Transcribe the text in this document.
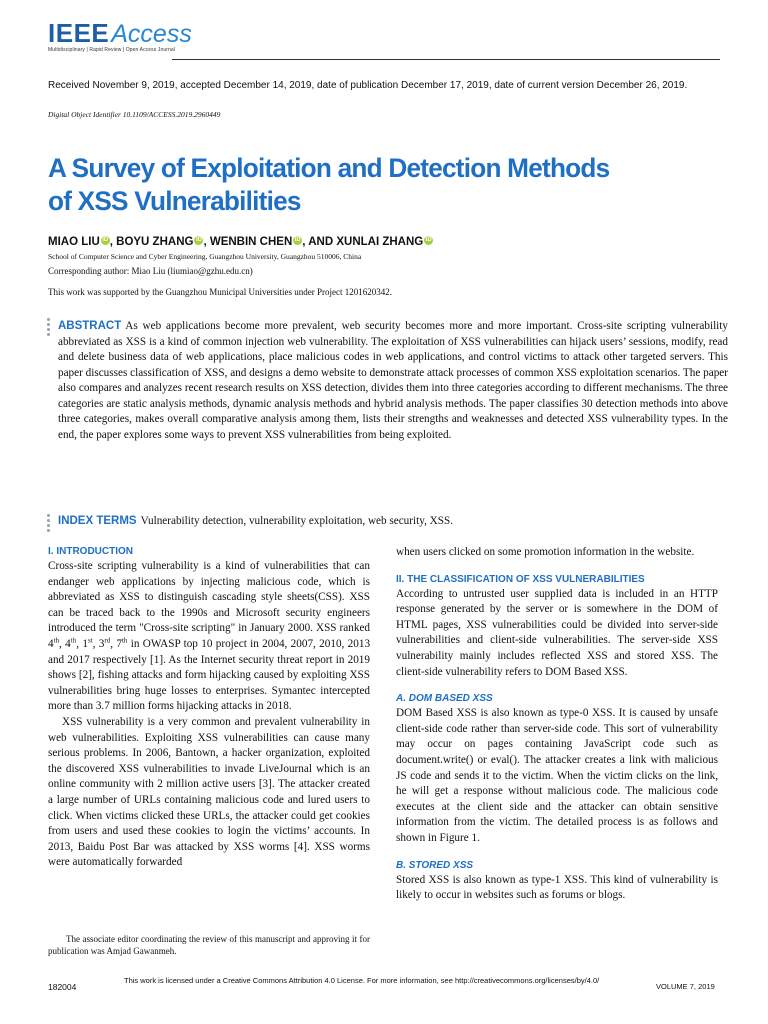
IEEEAccess
Multidisciplinary | Rapid Review | Open Access Journal
Received November 9, 2019, accepted December 14, 2019, date of publication December 17, 2019, date of current version December 26, 2019.
Digital Object Identifier 10.1109/ACCESS.2019.2960449
A Survey of Exploitation and Detection Methods
of XSS Vulnerabilities
MIAO LIU iD , BOYU ZHANG iD , WENBIN CHEN iD , AND XUNLAI ZHANG iD
School of Computer Science and Cyber Engineering, Guangzhou University, Guangzhou 510006, China
Corresponding author: Miao Liu (liumiao@gzhu.edu.cn)
This work was supported by the Guangzhou Municipal Universities under Project 1201620342.
ABSTRACT As web applications become more prevalent, web security becomes more and more important. Cross-site scripting vulnerability abbreviated as XSS is a kind of common injection web vulnerability. The exploitation of XSS vulnerabilities can hijack users’ sessions, modify, read and delete business data of web applications, place malicious codes in web applications, and control victims to attack other targeted servers. This paper discusses classification of XSS, and designs a demo website to demonstrate attack processes of common XSS exploitation scenarios. The paper also compares and analyzes recent research results on XSS detection, divides them into three categories according to different mechanisms. The three categories are static analysis methods, dynamic analysis methods and hybrid analysis methods. The paper classifies 30 detection methods into above three categories, makes overall comparative analysis among them, lists their strengths and weaknesses and detected XSS vulnerability types. In the end, the paper explores some ways to prevent XSS vulnerabilities from being exploited.
INDEX TERMS Vulnerability detection, vulnerability exploitation, web security, XSS.
I. INTRODUCTION

Cross-site scripting vulnerability is a kind of vulnerabilities that can endanger web applications by injecting malicious code, which is abbreviated as XSS to distinguish cascading style sheets(CSS). XSS can be traced back to the 1990s and Microsoft security engineers introduced the term "Cross-site scripting" in January 2000. XSS ranked 4th, 4th, 1st, 3rd, 7th in OWASP top 10 project in 2004, 2007, 2010, 2013 and 2017 respectively [1]. As the Internet security threat report in 2019 shows [2], fishing attacks and form hijacking caused by exploiting XSS vulnerabilities bring huge losses to enterprises. Symantec intercepted more than 3.7 million forms hijacking attacks in 2018.

XSS vulnerability is a very common and prevalent vulnerability in web vulnerabilities. Exploiting XSS vulnerabilities can cause many serious problems. In 2006, Bantown, a hacker organization, exploited the discovered XSS vulnerabilities to invade LiveJournal which is an online community with 2 million active users [3]. The attacker created a large number of URLs containing malicious code and lured users to click. When victims clicked these URLs, the attacker could get cookies from users and used these cookies to login the victims’ accounts. In 2013, Baidu Post Bar was attacked by XSS worms [4]. XSS worms were automatically forwarded

when users clicked on some promotion information in the website.

II. THE CLASSIFICATION OF XSS VULNERABILITIES

According to untrusted user supplied data is included in an HTTP response generated by the server or is somewhere in the DOM of HTML pages, XSS vulnerabilities could be divided into server-side vulnerabilities and client-side vulnerabilities. The server-side XSS vulnerability mainly includes reflected XSS and stored XSS. The client-side vulnerability refers to DOM Based XSS.

A. DOM BASED XSS

DOM Based XSS is also known as type-0 XSS. It is caused by unsafe client-side code rather than server-side code. This sort of vulnerability may occur on pages containing JavaScript code such as document.write() or eval(). The attacker creates a link with malicious JS code and sends it to the victim. When the victim clicks on the link, he will get a response without malicious code. The malicious code executes at the client side and the attacker can obtain sensitive information from the victim. The detailed process is as follows and shown in Figure 1.

B. STORED XSS

Stored XSS is also known as type-1 XSS. This kind of vulnerability is likely to occur in websites such as forums or blogs.

The associate editor coordinating the review of this manuscript and approving it for publication was Amjad Gawanmeh.
182004
This work is licensed under a Creative Commons Attribution 4.0 License. For more information, see http://creativecommons.org/licenses/by/4.0/
VOLUME 7, 2019
